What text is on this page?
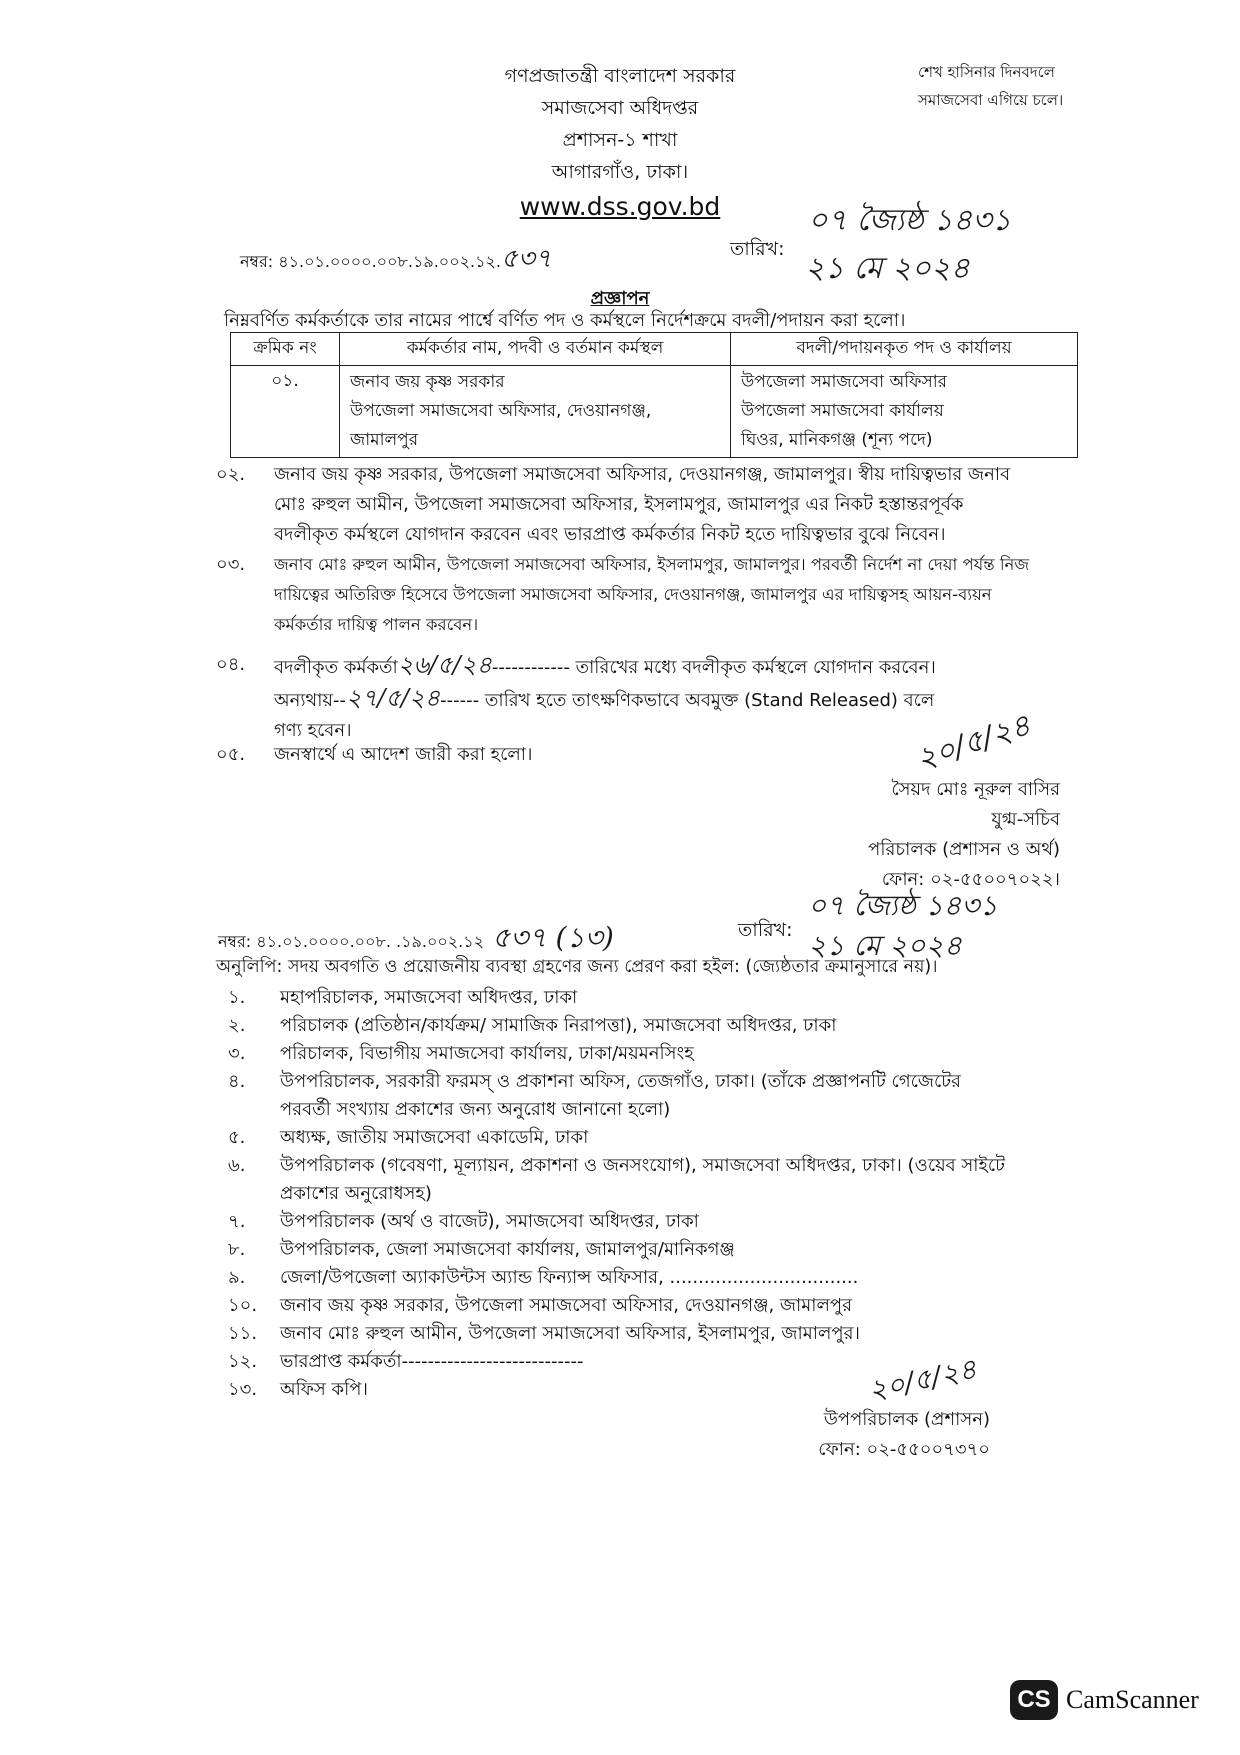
গণপ্রজাতন্ত্রী বাংলাদেশ সরকার
সমাজসেবা অধিদপ্তর
প্রশাসন-১ শাখা
আগারগাঁও, ঢাকা।
www.dss.gov.bd
শেখ হাসিনার দিনবদলে
সমাজসেবা এগিয়ে চলে।
নম্বর: ৪১.০১.০০০০.০০৮.১৯.০০২.১২.৫৩৭	তারিখ:
০৭ জ্যৈষ্ঠ ১৪৩১
২১ মে ২০২৪
প্রজ্ঞাপন
নিম্নবর্ণিত কর্মকর্তাকে তার নামের পার্শ্বে বর্ণিত পদ ও কর্মস্থলে নির্দেশক্রমে বদলী/পদায়ন করা হলো।
ক্রমিক নং	কর্মকর্তার নাম, পদবী ও বর্তমান কর্মস্থল	বদলী/পদায়নকৃত পদ ও কার্যালয়
০১.	জনাব জয় কৃষ্ণ সরকার
উপজেলা সমাজসেবা অফিসার, দেওয়ানগঞ্জ,
জামালপুর	উপজেলা সমাজসেবা অফিসার
উপজেলা সমাজসেবা কার্যালয়
ঘিওর, মানিকগঞ্জ (শূন্য পদে)
০২.	জনাব জয় কৃষ্ণ সরকার, উপজেলা সমাজসেবা অফিসার, দেওয়ানগঞ্জ, জামালপুর। স্বীয় দায়িত্বভার জনাব
মোঃ রুহুল আমীন, উপজেলা সমাজসেবা অফিসার, ইসলামপুর, জামালপুর এর নিকট হস্তান্তরপূর্বক
বদলীকৃত কর্মস্থলে যোগদান করবেন এবং ভারপ্রাপ্ত কর্মকর্তার নিকট হতে দায়িত্বভার বুঝে নিবেন।
০৩.	জনাব মোঃ রুহুল আমীন, উপজেলা সমাজসেবা অফিসার, ইসলামপুর, জামালপুর। পরবর্তী নির্দেশ না দেয়া পর্যন্ত নিজ
দায়িত্বের অতিরিক্ত হিসেবে উপজেলা সমাজসেবা অফিসার, দেওয়ানগঞ্জ, জামালপুর এর দায়িত্বসহ আয়ন-ব্যয়ন
কর্মকর্তার দায়িত্ব পালন করবেন।
০৪.	বদলীকৃত কর্মকর্তা২৬/৫/২৪------------ তারিখের মধ্যে বদলীকৃত কর্মস্থলে যোগদান করবেন।
অন্যথায়--২৭/৫/২৪------ তারিখ হতে তাৎক্ষণিকভাবে অবমুক্ত (Stand Released) বলে
গণ্য হবেন।
০৫.	জনস্বার্থে এ আদেশ জারী করা হলো।	২০/৫/২৪
সৈয়দ মোঃ নূরুল বাসির
যুগ্ম-সচিব
পরিচালক (প্রশাসন ও অর্থ)
ফোন: ০২-৫৫০০৭০২২।
নম্বর: ৪১.০১.০০০০.০০৮. .১৯.০০২.১২ ৫৩৭ (১৩)	তারিখ:
০৭ জ্যৈষ্ঠ ১৪৩১
২১ মে ২০২৪
অনুলিপি: সদয় অবগতি ও প্রয়োজনীয় ব্যবস্থা গ্রহণের জন্য প্রেরণ করা হইল: (জ্যেষ্ঠতার ক্রমানুসারে নয়)।
১. মহাপরিচালক, সমাজসেবা অধিদপ্তর, ঢাকা
২. পরিচালক (প্রতিষ্ঠান/কার্যক্রম/ সামাজিক নিরাপত্তা), সমাজসেবা অধিদপ্তর, ঢাকা
৩. পরিচালক, বিভাগীয় সমাজসেবা কার্যালয়, ঢাকা/ময়মনসিংহ
৪. উপপরিচালক, সরকারী ফরমস্ ও প্রকাশনা অফিস, তেজগাঁও, ঢাকা। (তাঁকে প্রজ্ঞাপনটি গেজেটের
পরবর্তী সংখ্যায় প্রকাশের জন্য অনুরোধ জানানো হলো)
৫. অধ্যক্ষ, জাতীয় সমাজসেবা একাডেমি, ঢাকা
৬. উপপরিচালক (গবেষণা, মূল্যায়ন, প্রকাশনা ও জনসংযোগ), সমাজসেবা অধিদপ্তর, ঢাকা। (ওয়েব সাইটে
প্রকাশের অনুরোধসহ)
৭. উপপরিচালক (অর্থ ও বাজেট), সমাজসেবা অধিদপ্তর, ঢাকা
৮. উপপরিচালক, জেলা সমাজসেবা কার্যালয়, জামালপুর/মানিকগঞ্জ
৯. জেলা/উপজেলা অ্যাকাউন্টস অ্যান্ড ফিন্যান্স অফিসার, .................................
১০. জনাব জয় কৃষ্ণ সরকার, উপজেলা সমাজসেবা অফিসার, দেওয়ানগঞ্জ, জামালপুর
১১. জনাব মোঃ রুহুল আমীন, উপজেলা সমাজসেবা অফিসার, ইসলামপুর, জামালপুর।
১২. ভারপ্রাপ্ত কর্মকর্তা----------------------------
১৩. অফিস কপি।	২০/৫/২৪
উপপরিচালক (প্রশাসন)
ফোন: ০২-৫৫০০৭৩৭০
CS CamScanner
